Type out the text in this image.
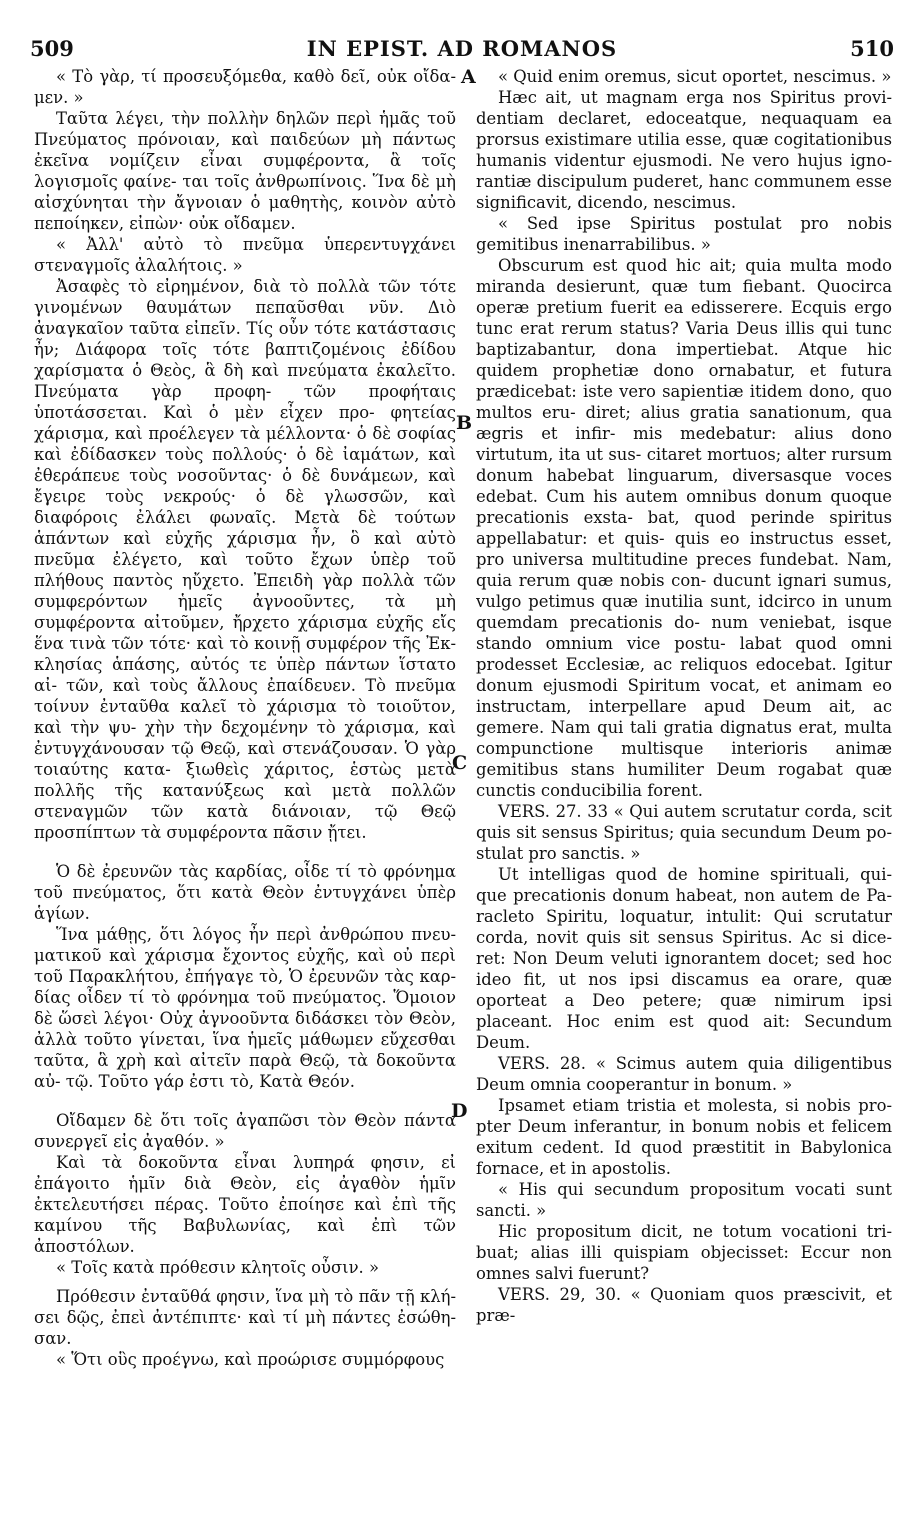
509	IN EPIST. AD ROMANOS	510
A
B
C
D

« Τὸ γὰρ, τί προσευξόμεθα, καθὸ δεῖ, οὐκ οἴδα- μεν. »

Ταῦτα λέγει, τὴν πολλὴν δηλῶν περὶ ἡμᾶς τοῦ Πνεύματος πρόνοιαν, καὶ παιδεύων μὴ πάντως ἐκεῖνα νομίζειν εἶναι συμφέροντα, ἃ τοῖς λογισμοῖς φαίνε- ται τοῖς ἀνθρωπίνοις. Ἵνα δὲ μὴ αἰσχύνηται τὴν ἄγνοιαν ὁ μαθητὴς, κοινὸν αὐτὸ πεποίηκεν, εἰπὼν· οὐκ οἴδαμεν.

« Ἀλλ' αὐτὸ τὸ πνεῦμα ὑπερεντυγχάνει στεναγμοῖς ἀλαλήτοις. »

Ἀσαφὲς τὸ εἰρημένον, διὰ τὸ πολλὰ τῶν τότε γινομένων θαυμάτων πεπαῦσθαι νῦν. Διὸ ἀναγκαῖον ταῦτα εἰπεῖν. Τίς οὖν τότε κατάστασις ἦν; Διάφορα τοῖς τότε βαπτιζομένοις ἐδίδου χαρίσματα ὁ Θεὸς, ἃ δὴ καὶ πνεύματα ἐκαλεῖτο. Πνεύματα γὰρ προφη- τῶν προφήταις ὑποτάσσεται. Καὶ ὁ μὲν εἶχεν προ- φητείας χάρισμα, καὶ προέλεγεν τὰ μέλλοντα· ὁ δὲ σοφίας καὶ ἐδίδασκεν τοὺς πολλούς· ὁ δὲ ἰαμάτων, καὶ ἐθεράπευε τοὺς νοσοῦντας· ὁ δὲ δυνάμεων, καὶ ἔγειρε τοὺς νεκρούς· ὁ δὲ γλωσσῶν, καὶ διαφόροις ἐλάλει φωναῖς. Μετὰ δὲ τούτων ἁπάντων καὶ εὐχῆς χάρισμα ἦν, ὃ καὶ αὐτὸ πνεῦμα ἐλέγετο, καὶ τοῦτο ἔχων ὑπὲρ τοῦ πλήθους παντὸς ηὔχετο. Ἐπειδὴ γὰρ πολλὰ τῶν συμφερόντων ἡμεῖς ἀγνοοῦντες, τὰ μὴ συμφέροντα αἰτοῦμεν, ἤρχετο χάρισμα εὐχῆς εἴς ἕνα τινὰ τῶν τότε· καὶ τὸ κοινῇ συμφέρον τῆς Ἐκ- κλησίας ἁπάσης, αὐτός τε ὑπὲρ πάντων ἵστατο αἰ- τῶν, καὶ τοὺς ἄλλους ἐπαίδευεν. Τὸ πνεῦμα τοίνυν ἐνταῦθα καλεῖ τὸ χάρισμα τὸ τοιοῦτον, καὶ τὴν ψυ- χὴν τὴν δεχομένην τὸ χάρισμα, καὶ ἐντυγχάνουσαν τῷ Θεῷ, καὶ στενάζουσαν. Ὁ γὰρ τοιαύτης κατα- ξιωθεὶς χάριτος, ἑστὼς μετὰ πολλῆς τῆς κατανύξεως καὶ μετὰ πολλῶν στεναγμῶν τῶν κατὰ διάνοιαν, τῷ Θεῷ προσπίπτων τὰ συμφέροντα πᾶσιν ᾔτει.

Ὁ δὲ ἐρευνῶν τὰς καρδίας, οἶδε τί τὸ φρόνημα τοῦ πνεύματος, ὅτι κατὰ Θεὸν ἐντυγχάνει ὑπὲρ ἁγίων.

Ἵνα μάθῃς, ὅτι λόγος ἦν περὶ ἀνθρώπου πνευ- ματικοῦ καὶ χάρισμα ἔχοντος εὐχῆς, καὶ οὐ περὶ τοῦ Παρακλήτου, ἐπήγαγε τὸ, Ὁ ἐρευνῶν τὰς καρ- δίας οἶδεν τί τὸ φρόνημα τοῦ πνεύματος. Ὅμοιον δὲ ὥσεὶ λέγοι· Οὐχ ἀγνοοῦντα διδάσκει τὸν Θεὸν, ἀλλὰ τοῦτο γίνεται, ἵνα ἡμεῖς μάθωμεν εὔχεσθαι ταῦτα, ἃ χρὴ καὶ αἰτεῖν παρὰ Θεῷ, τὰ δοκοῦντα αὐ- τῷ. Τοῦτο γάρ ἐστι τὸ, Κατὰ Θεόν.

Οἴδαμεν δὲ ὅτι τοῖς ἀγαπῶσι τὸν Θεὸν πάντα συνεργεῖ εἰς ἀγαθόν. »

Καὶ τὰ δοκοῦντα εἶναι λυπηρά φησιν, εἰ ἐπάγοιτο ἡμῖν διὰ Θεὸν, εἰς ἀγαθὸν ἡμῖν ἐκτελευτήσει πέρας. Τοῦτο ἐποίησε καὶ ἐπὶ τῆς καμίνου τῆς Βαβυλωνίας, καὶ ἐπὶ τῶν ἀποστόλων.

« Τοῖς κατὰ πρόθεσιν κλητοῖς οὖσιν. »

Πρόθεσιν ἐνταῦθά φησιν, ἵνα μὴ τὸ πᾶν τῇ κλή- σει δῷς, ἐπεὶ ἀντέπιπτε· καὶ τί μὴ πάντες ἐσώθη- σαν.

« Ὅτι οὓς προέγνω, καὶ προώρισε συμμόρφους

« Quid enim oremus, sicut oportet, nescimus. »

Hæc ait, ut magnam erga nos Spiritus provi- dentiam declaret, edoceatque, nequaquam ea prorsus existimare utilia esse, quæ cogitationibus humanis videntur ejusmodi. Ne vero hujus igno- rantiæ discipulum puderet, hanc communem esse significavit, dicendo, nescimus.

« Sed ipse Spiritus postulat pro nobis gemitibus inenarrabilibus. »

Obscurum est quod hic ait; quia multa modo miranda desierunt, quæ tum fiebant. Quocirca operæ pretium fuerit ea edisserere. Ecquis ergo tunc erat rerum status? Varia Deus illis qui tunc baptizabantur, dona impertiebat. Atque hic quidem prophetiæ dono ornabatur, et futura prædicebat: iste vero sapientiæ itidem dono, quo multos eru- diret; alius gratia sanationum, qua ægris et infir- mis medebatur: alius dono virtutum, ita ut sus- citaret mortuos; alter rursum donum habebat linguarum, diversasque voces edebat. Cum his autem omnibus donum quoque precationis exsta- bat, quod perinde spiritus appellabatur: et quis- quis eo instructus esset, pro universa multitudine preces fundebat. Nam, quia rerum quæ nobis con- ducunt ignari sumus, vulgo petimus quæ inutilia sunt, idcirco in unum quemdam precationis do- num veniebat, isque stando omnium vice postu- labat quod omni prodesset Ecclesiæ, ac reliquos edocebat. Igitur donum ejusmodi Spiritum vocat, et animam eo instructam, interpellare apud Deum ait, ac gemere. Nam qui tali gratia dignatus erat, multa compunctione multisque interioris animæ gemitibus stans humiliter Deum rogabat quæ cunctis conducibilia forent.

VERS. 27. 33 « Qui autem scrutatur corda, scit quis sit sensus Spiritus; quia secundum Deum po- stulat pro sanctis. »

Ut intelligas quod de homine spirituali, qui- que precationis donum habeat, non autem de Pa- racleto Spiritu, loquatur, intulit: Qui scrutatur corda, novit quis sit sensus Spiritus. Ac si dice- ret: Non Deum veluti ignorantem docet; sed hoc ideo fit, ut nos ipsi discamus ea orare, quæ oporteat a Deo petere; quæ nimirum ipsi placeant. Hoc enim est quod ait: Secundum Deum.

VERS. 28. « Scimus autem quia diligentibus Deum omnia cooperantur in bonum. »

Ipsamet etiam tristia et molesta, si nobis pro- pter Deum inferantur, in bonum nobis et felicem exitum cedent. Id quod præstitit in Babylonica fornace, et in apostolis.

« His qui secundum propositum vocati sunt sancti. »

Hic propositum dicit, ne totum vocationi tri- buat; alias illi quispiam objecisset: Eccur non omnes salvi fuerunt?

VERS. 29, 30. « Quoniam quos præscivit, et præ-
